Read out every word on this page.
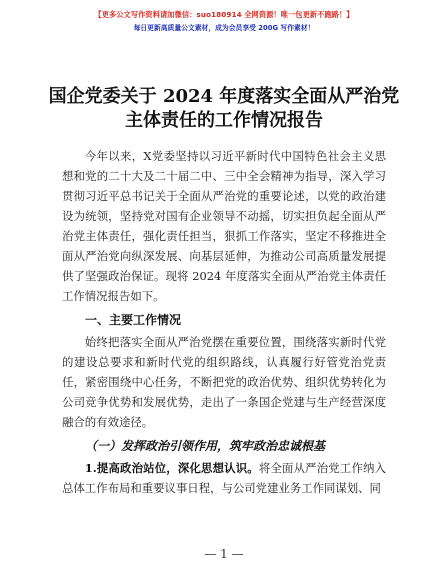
【更多公文写作资料请加微信：suo180914 全网资源！唯一包更新不跑路！】
每日更新高质量公文素材，成为会员享受 200G 写作素材！
国企党委关于 2024 年度落实全面从严治党主体责任的工作情况报告
今年以来，X党委坚持以习近平新时代中国特色社会主义思想和党的二十大及二十届二中、三中全会精神为指导，深入学习贯彻习近平总书记关于全面从严治党的重要论述，以党的政治建设为统领，坚持党对国有企业领导不动摇，切实担负起全面从严治党主体责任，强化责任担当，狠抓工作落实，坚定不移推进全面从严治党向纵深发展、向基层延伸，为推动公司高质量发展提供了坚强政治保证。现将 2024 年度落实全面从严治党主体责任工作情况报告如下。
一、主要工作情况
始终把落实全面从严治党摆在重要位置，围绕落实新时代党的建设总要求和新时代党的组织路线，认真履行好管党治党责任，紧密围绕中心任务，不断把党的政治优势、组织优势转化为公司竞争优势和发展优势，走出了一条国企党建与生产经营深度融合的有效途径。
（一）发挥政治引领作用，筑牢政治忠诚根基
1.提高政治站位，深化思想认识。将全面从严治党工作纳入总体工作布局和重要议事日程，与公司党建业务工作同谋划、同
— 1 —
